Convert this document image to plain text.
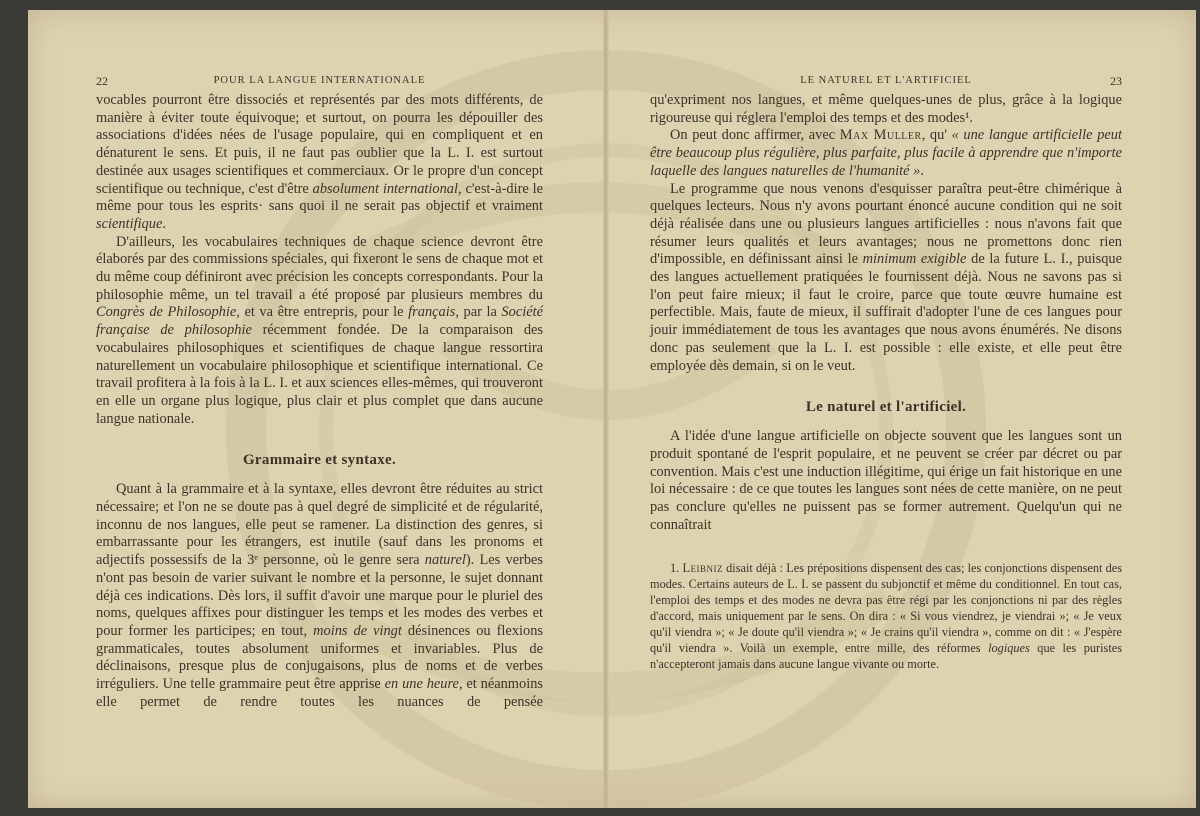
22	POUR LA LANGUE INTERNATIONALE

vocables pourront être dissociés et représentés par des mots différents, de manière à éviter toute équivoque; et surtout, on pourra les dépouiller des associations d'idées nées de l'usage populaire, qui en compliquent et en dénaturent le sens. Et puis, il ne faut pas oublier que la L. I. est surtout destinée aux usages scientifiques et commerciaux. Or le propre d'un concept scientifique ou technique, c'est d'être absolument international, c'est-à-dire le même pour tous les esprits· sans quoi il ne serait pas objectif et vraiment scientifique.

D'ailleurs, les vocabulaires techniques de chaque science devront être élaborés par des commissions spéciales, qui fixeront le sens de chaque mot et du même coup définiront avec précision les concepts correspondants. Pour la philosophie même, un tel travail a été proposé par plusieurs membres du Congrès de Philosophie, et va être entrepris, pour le français, par la Société française de philosophie récemment fondée. De la comparaison des vocabulaires philosophiques et scientifiques de chaque langue ressortira naturellement un vocabulaire philosophique et scientifique international. Ce travail profitera à la fois à la L. I. et aux sciences elles-mêmes, qui trouveront en elle un organe plus logique, plus clair et plus complet que dans aucune langue nationale.

Grammaire et syntaxe.

Quant à la grammaire et à la syntaxe, elles devront être réduites au strict nécessaire; et l'on ne se doute pas à quel degré de simplicité et de régularité, inconnu de nos langues, elle peut se ramener. La distinction des genres, si embarrassante pour les étrangers, est inutile (sauf dans les pronoms et adjectifs possessifs de la 3ᵉ personne, où le genre sera naturel). Les verbes n'ont pas besoin de varier suivant le nombre et la personne, le sujet donnant déjà ces indications. Dès lors, il suffit d'avoir une marque pour le pluriel des noms, quelques affixes pour distinguer les temps et les modes des verbes et pour former les participes; en tout, moins de vingt désinences ou flexions grammaticales, toutes absolument uniformes et invariables. Plus de déclinaisons, presque plus de conjugaisons, plus de noms et de verbes irréguliers. Une telle grammaire peut être apprise en une heure, et néanmoins elle permet de rendre toutes les nuances de pensée

LE NATUREL ET L'ARTIFICIEL	23

qu'expriment nos langues, et même quelques-unes de plus, grâce à la logique rigoureuse qui réglera l'emploi des temps et des modes¹.

On peut donc affirmer, avec Max Muller, qu' « une langue artificielle peut être beaucoup plus régulière, plus parfaite, plus facile à apprendre que n'importe laquelle des langues naturelles de l'humanité ».

Le programme que nous venons d'esquisser paraîtra peut-être chimérique à quelques lecteurs. Nous n'y avons pourtant énoncé aucune condition qui ne soit déjà réalisée dans une ou plusieurs langues artificielles : nous n'avons fait que résumer leurs qualités et leurs avantages; nous ne promettons donc rien d'impossible, en définissant ainsi le minimum exigible de la future L. I., puisque des langues actuellement pratiquées le fournissent déjà. Nous ne savons pas si l'on peut faire mieux; il faut le croire, parce que toute œuvre humaine est perfectible. Mais, faute de mieux, il suffirait d'adopter l'une de ces langues pour jouir immédiatement de tous les avantages que nous avons énumérés. Ne disons donc pas seulement que la L. I. est possible : elle existe, et elle peut être employée dès demain, si on le veut.

Le naturel et l'artificiel.

A l'idée d'une langue artificielle on objecte souvent que les langues sont un produit spontané de l'esprit populaire, et ne peuvent se créer par décret ou par convention. Mais c'est une induction illégitime, qui érige un fait historique en une loi nécessaire : de ce que toutes les langues sont nées de cette manière, on ne peut pas conclure qu'elles ne puissent pas se former autrement. Quelqu'un qui ne connaîtrait

1. Leibniz disait déjà : Les prépositions dispensent des cas; les conjonctions dispensent des modes. Certains auteurs de L. I. se passent du subjonctif et même du conditionnel. En tout cas, l'emploi des temps et des modes ne devra pas être régi par les conjonctions ni par des règles d'accord, mais uniquement par le sens. On dira : « Si vous viendrez, je viendrai »; « Je veux qu'il viendra »; « Je doute qu'il viendra »; « Je crains qu'il viendra », comme on dit : « J'espère qu'il viendra ». Voilà un exemple, entre mille, des réformes logiques que les puristes n'accepteront jamais dans aucune langue vivante ou morte.
